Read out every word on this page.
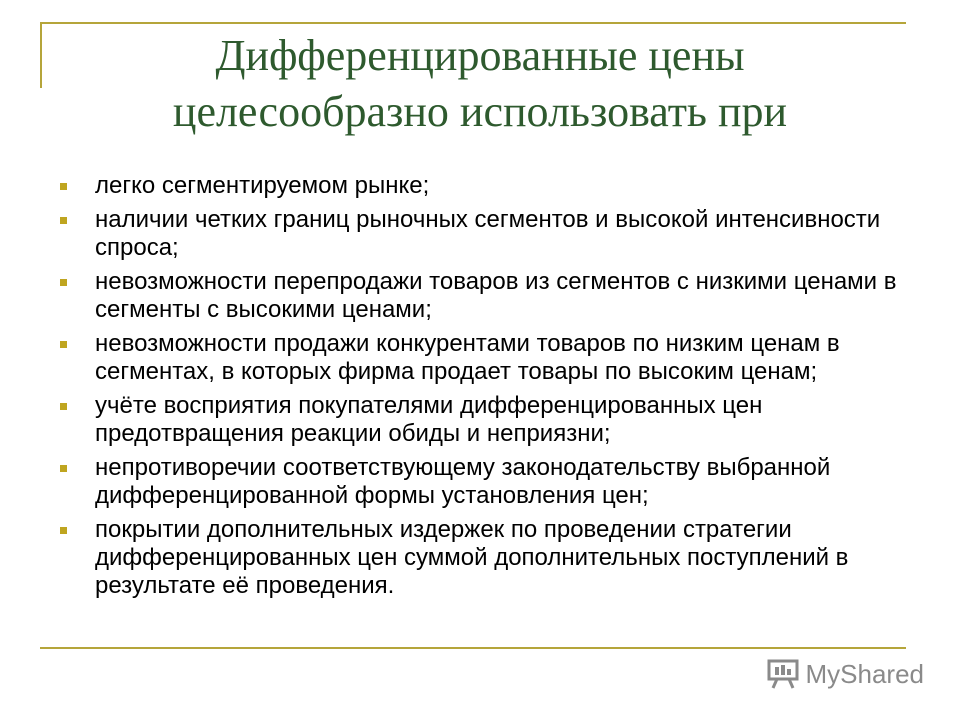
Дифференцированные цены
целесообразно использовать при
легко сегментируемом рынке;
наличии четких границ рыночных сегментов и высокой интенсивности спроса;
невозможности перепродажи товаров из сегментов с низкими ценами в сегменты с высокими ценами;
невозможности продажи конкурентами товаров по низким ценам в сегментах, в которых фирма продает товары по высоким ценам;
учёте восприятия покупателями дифференцированных цен предотвращения реакции обиды и неприязни;
непротиворечии соответствующему законодательству выбранной дифференцированной формы установления цен;
покрытии дополнительных издержек по проведении стратегии дифференцированных цен суммой дополнительных поступлений в результате её проведения.
MyShared
